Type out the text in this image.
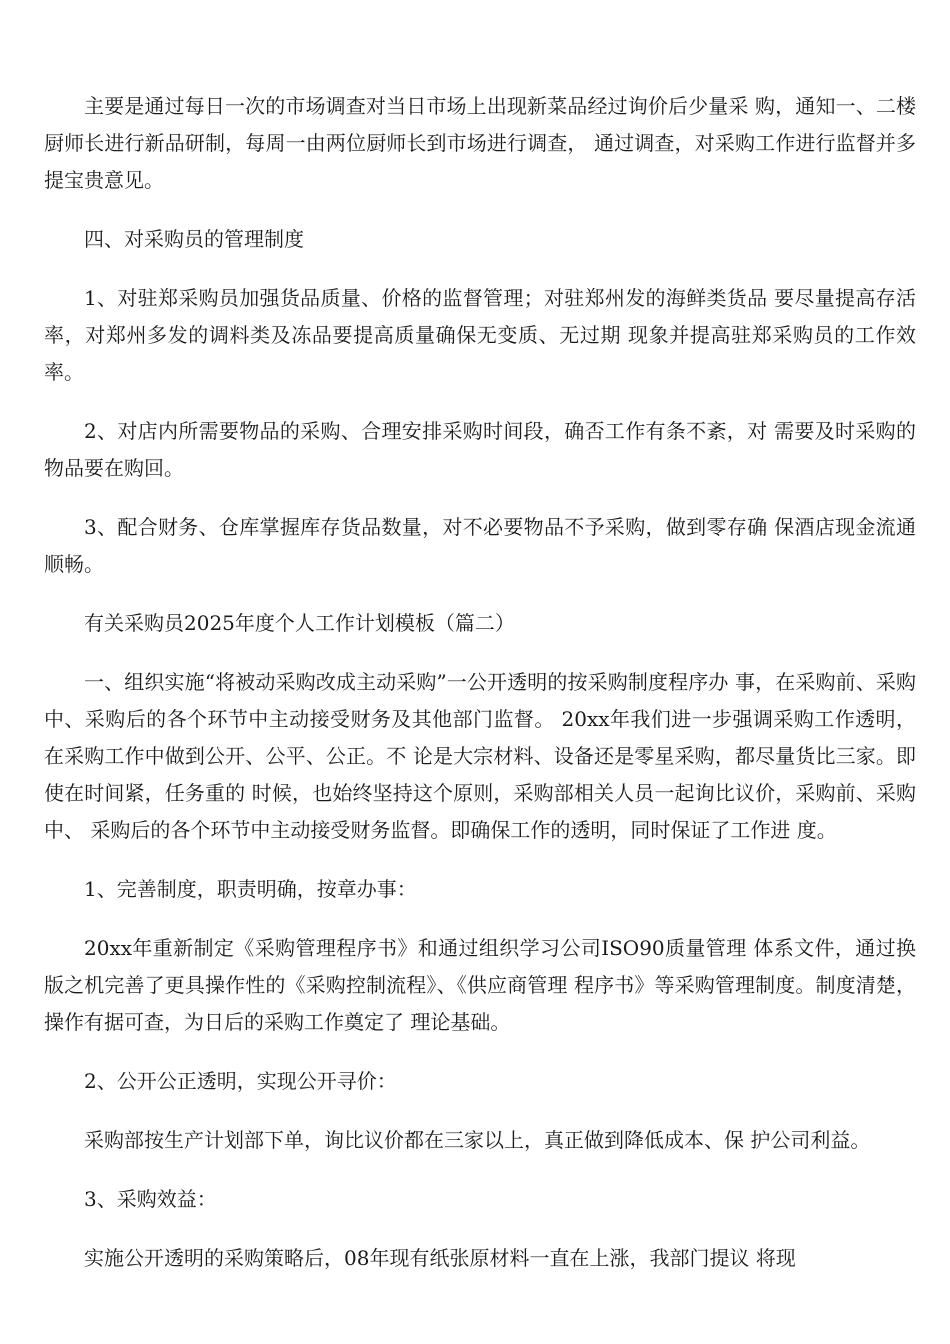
主要是通过每日一次的市场调查对当日市场上出现新菜品经过询价后少量采 购，通知一、二楼厨师长进行新品研制，每周一由两位厨师长到市场进行调查， 通过调查，对采购工作进行监督并多提宝贵意见。

四、对采购员的管理制度

1、对驻郑采购员加强货品质量、价格的监督管理；对驻郑州发的海鲜类货品 要尽量提高存活率，对郑州多发的调料类及冻品要提高质量确保无变质、无过期 现象并提高驻郑采购员的工作效率。

2、对店内所需要物品的采购、合理安排采购时间段，确否工作有条不紊，对 需要及时采购的物品要在购回。

3、配合财务、仓库掌握库存货品数量，对不必要物品不予采购，做到零存确 保酒店现金流通顺畅。

有关采购员2025年度个人工作计划模板（篇二）

一、组织实施“将被动采购改成主动采购”一公开透明的按采购制度程序办 事，在采购前、采购中、采购后的各个环节中主动接受财务及其他部门监督。 20xx年我们进一步强调采购工作透明，在采购工作中做到公开、公平、公正。不 论是大宗材料、设备还是零星采购，都尽量货比三家。即使在时间紧，任务重的 时候，也始终坚持这个原则，采购部相关人员一起询比议价，采购前、采购中、 采购后的各个环节中主动接受财务监督。即确保工作的透明，同时保证了工作进 度。

1、完善制度，职责明确，按章办事：

20xx年重新制定《采购管理程序书》和通过组织学习公司ISO90质量管理 体系文件，通过换版之机完善了更具操作性的《采购控制流程》、《供应商管理 程序书》等采购管理制度。制度清楚，操作有据可查，为日后的采购工作奠定了 理论基础。

2、公开公正透明，实现公开寻价：

采购部按生产计划部下单，询比议价都在三家以上，真正做到降低成本、保 护公司利益。

3、采购效益：

实施公开透明的采购策略后，08年现有纸张原材料一直在上涨，我部门提议 将现
